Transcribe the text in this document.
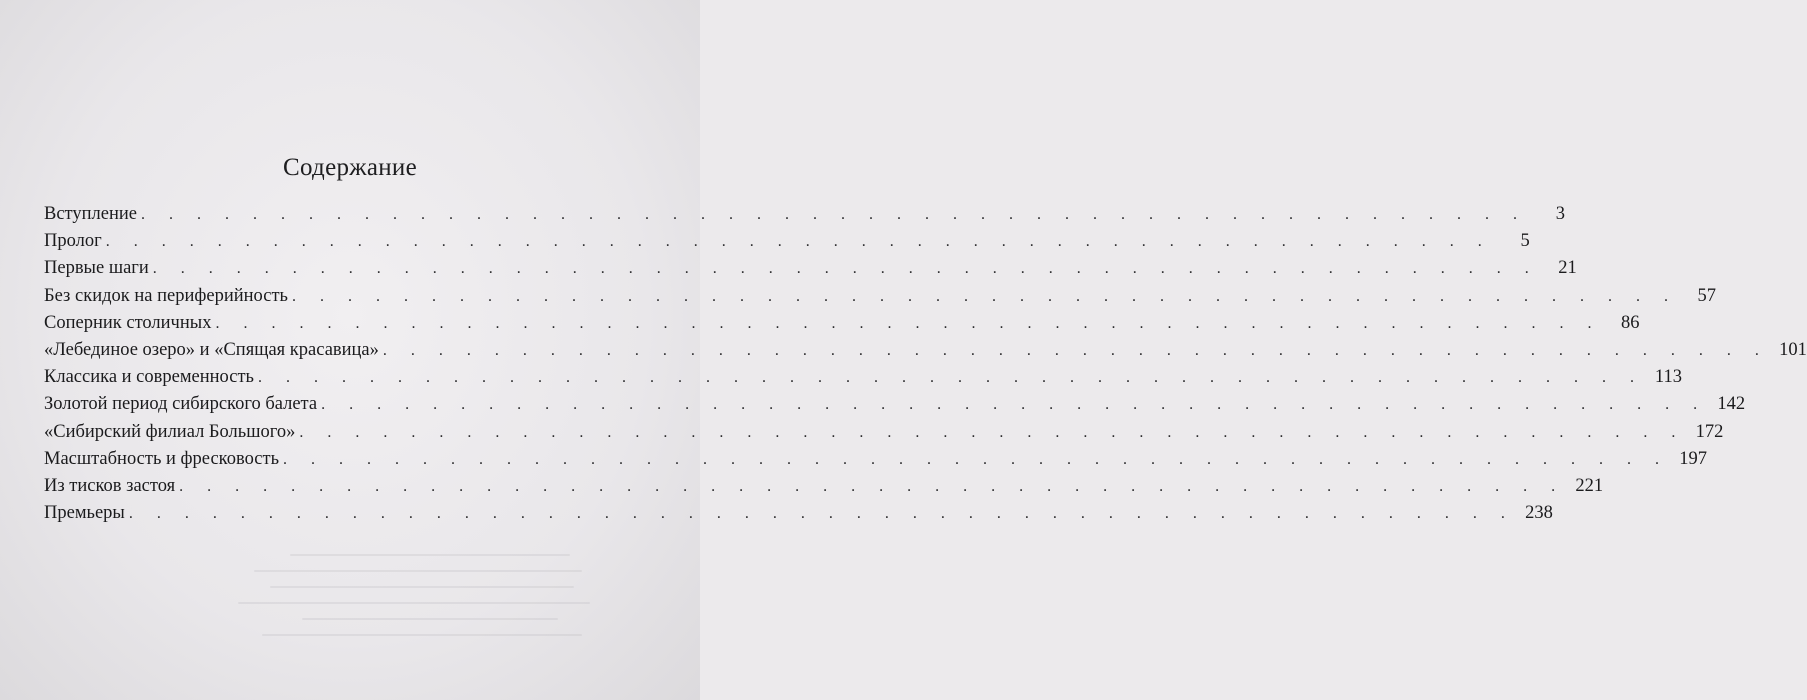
Содержание
Вступление . . . . . . . . . . . . . . . . . . . . . . . . . . . . . . . . . . . . . . . . . . . . . . . . . .	3
Пролог . . . . . . . . . . . . . . . . . . . . . . . . . . . . . . . . . . . . . . . . . . . . . . . . . .	5
Первые шаги . . . . . . . . . . . . . . . . . . . . . . . . . . . . . . . . . . . . . . . . . . . . . . . . . .	21
Без скидок на периферийность . . . . . . . . . . . . . . . . . . . . . . . . . . . . . . . . . . . . . . . . . . . . . . . . . .	57
Соперник столичных . . . . . . . . . . . . . . . . . . . . . . . . . . . . . . . . . . . . . . . . . . . . . . . . . .	86
«Лебединое озеро» и «Спящая красавица» . . . . . . . . . . . . . . . . . . . . . . . . . . . . . . . . . . . . . . . . . . . . . . . . . . 101
Классика и современность . . . . . . . . . . . . . . . . . . . . . . . . . . . . . . . . . . . . . . . . . . . . . . . . . . 113
Золотой период сибирского балета . . . . . . . . . . . . . . . . . . . . . . . . . . . . . . . . . . . . . . . . . . . . . . . . . . 142
«Сибирский филиал Большого» . . . . . . . . . . . . . . . . . . . . . . . . . . . . . . . . . . . . . . . . . . . . . . . . . . 172
Масштабность и фресковость . . . . . . . . . . . . . . . . . . . . . . . . . . . . . . . . . . . . . . . . . . . . . . . . . . 197
Из тисков застоя . . . . . . . . . . . . . . . . . . . . . . . . . . . . . . . . . . . . . . . . . . . . . . . . . . 221
Премьеры . . . . . . . . . . . . . . . . . . . . . . . . . . . . . . . . . . . . . . . . . . . . . . . . . . 238
